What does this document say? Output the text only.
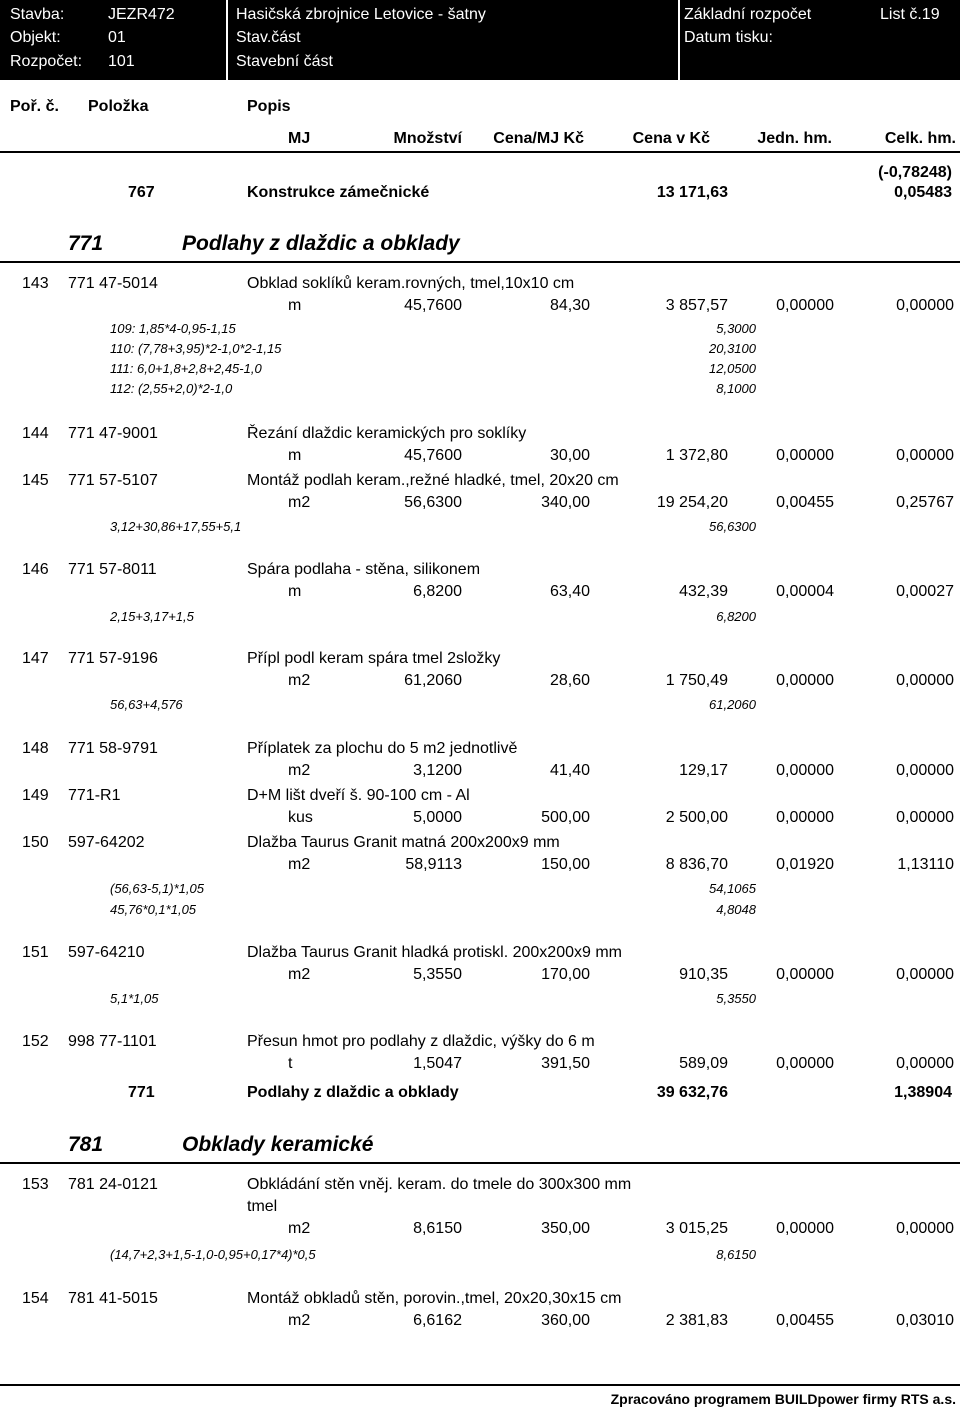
Stavba:	JEZR472	Hasičská zbrojnice Letovice - šatny	Základní rozpočet	List č.19
Objekt:	01	Stav.část	Datum tisku:
Rozpočet: 101	Stavební část
Poř. č. Položka	Popis
MJ	Množství	Cena/MJ Kč	Cena v Kč	Jedn. hm.	Celk. hm.
(-0,78248)
767	Konstrukce zámečnické	13 171,63	0,05483
771	Podlahy z dlaždic a obklady
143 771 47-5014	Obklad soklíků keram.rovných, tmel,10x10 cm
m	45,7600	84,30	3 857,57	0,00000	0,00000
109: 1,85*4-0,95-1,15	5,3000
110: (7,78+3,95)*2-1,0*2-1,15	20,3100
111: 6,0+1,8+2,8+2,45-1,0	12,0500
112: (2,55+2,0)*2-1,0	8,1000
144 771 47-9001	Řezání dlaždic keramických pro soklíky
m	45,7600	30,00	1 372,80	0,00000	0,00000
145 771 57-5107	Montáž podlah keram.,režné hladké, tmel, 20x20 cm
m2	56,6300	340,00	19 254,20	0,00455	0,25767
3,12+30,86+17,55+5,1	56,6300
146 771 57-8011	Spára podlaha - stěna, silikonem
m	6,8200	63,40	432,39	0,00004	0,00027
2,15+3,17+1,5	6,8200
147 771 57-9196	Přípl podl keram spára tmel 2složky
m2	61,2060	28,60	1 750,49	0,00000	0,00000
56,63+4,576	61,2060
148 771 58-9791	Příplatek za plochu do 5 m2 jednotlivě
m2	3,1200	41,40	129,17	0,00000	0,00000
149 771-R1	D+M lišt dveří š. 90-100 cm - Al
kus	5,0000	500,00	2 500,00	0,00000	0,00000
150 597-64202	Dlažba Taurus Granit matná 200x200x9 mm
m2	58,9113	150,00	8 836,70	0,01920	1,13110
(56,63-5,1)*1,05	54,1065
45,76*0,1*1,05	4,8048
151 597-64210	Dlažba Taurus Granit hladká protiskl. 200x200x9 mm
m2	5,3550	170,00	910,35	0,00000	0,00000
5,1*1,05	5,3550
152 998 77-1101	Přesun hmot pro podlahy z dlaždic, výšky do 6 m
t	1,5047	391,50	589,09	0,00000	0,00000
771	Podlahy z dlaždic a obklady	39 632,76	1,38904
781	Obklady keramické
153 781 24-0121	Obkládání stěn vněj. keram. do tmele do 300x300 mm
tmel
m2	8,6150	350,00	3 015,25	0,00000	0,00000
(14,7+2,3+1,5-1,0-0,95+0,17*4)*0,5	8,6150
154 781 41-5015	Montáž obkladů stěn, porovin.,tmel, 20x20,30x15 cm
m2	6,6162	360,00	2 381,83	0,00455	0,03010
Zpracováno programem BUILDpower firmy RTS a.s.
